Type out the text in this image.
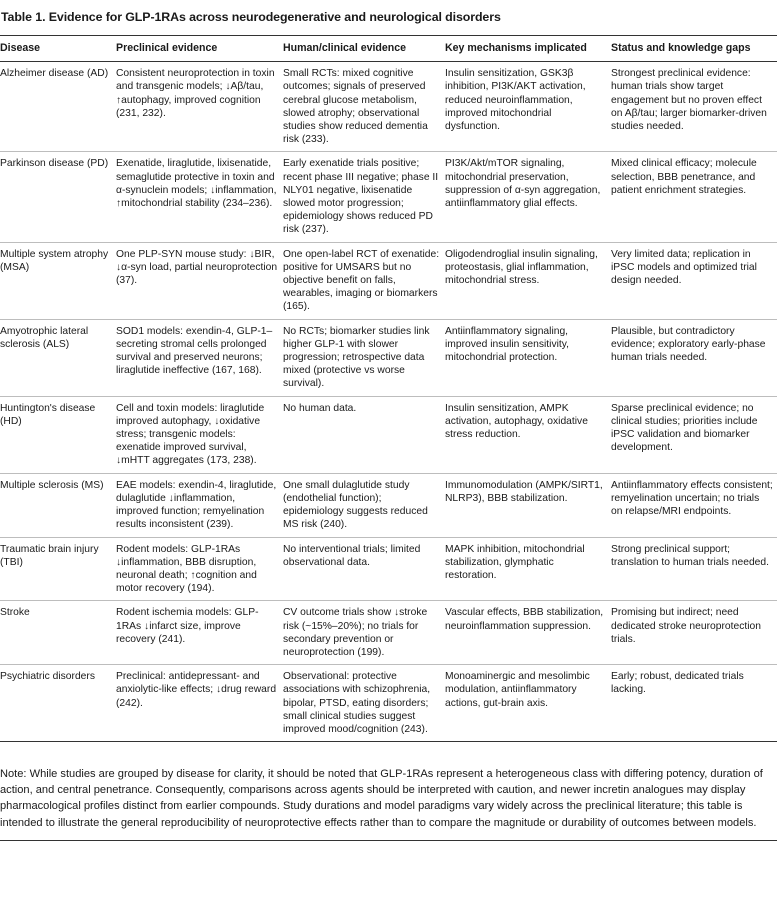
Table 1. Evidence for GLP-1RAs across neurodegenerative and neurological disorders
Disease	Preclinical evidence	Human/clinical evidence	Key mechanisms implicated	Status and knowledge gaps
Alzheimer disease (AD)	Consistent neuroprotection in toxin and transgenic models; ↓Aβ/tau, ↑autophagy, improved cognition (231, 232).	Small RCTs: mixed cognitive outcomes; signals of preserved cerebral glucose metabolism, slowed atrophy; observational studies show reduced dementia risk (233).	Insulin sensitization, GSK3β inhibition, PI3K/AKT activation, reduced neuroinflammation, improved mitochondrial dysfunction.	Strongest preclinical evidence: human trials show target engagement but no proven effect on Aβ/tau; larger biomarker-driven studies needed.
Parkinson disease (PD)	Exenatide, liraglutide, lixisenatide, semaglutide protective in toxin and α-synuclein models; ↓inflammation, ↑mitochondrial stability (234–236).	Early exenatide trials positive; recent phase III negative; phase II NLY01 negative, lixisenatide slowed motor progression; epidemiology shows reduced PD risk (237).	PI3K/Akt/mTOR signaling, mitochondrial preservation, suppression of α-syn aggregation, antiinflammatory glial effects.	Mixed clinical efficacy; molecule selection, BBB penetrance, and patient enrichment strategies.
Multiple system atrophy (MSA)	One PLP-SYN mouse study: ↓BIR, ↓α-syn load, partial neuroprotection (37).	One open-label RCT of exenatide: positive for UMSARS but no objective benefit on falls, wearables, imaging or biomarkers (165).	Oligodendroglial insulin signaling, proteostasis, glial inflammation, mitochondrial stress.	Very limited data; replication in iPSC models and optimized trial design needed.
Amyotrophic lateral sclerosis (ALS)	SOD1 models: exendin-4, GLP-1–secreting stromal cells prolonged survival and preserved neurons; liraglutide ineffective (167, 168).	No RCTs; biomarker studies link higher GLP-1 with slower progression; retrospective data mixed (protective vs worse survival).	Antiinflammatory signaling, improved insulin sensitivity, mitochondrial protection.	Plausible, but contradictory evidence; exploratory early-phase human trials needed.
Huntington's disease (HD)	Cell and toxin models: liraglutide improved autophagy, ↓oxidative stress; transgenic models: exenatide improved survival, ↓mHTT aggregates (173, 238).	No human data.	Insulin sensitization, AMPK activation, autophagy, oxidative stress reduction.	Sparse preclinical evidence; no clinical studies; priorities include iPSC validation and biomarker development.
Multiple sclerosis (MS)	EAE models: exendin-4, liraglutide, dulaglutide ↓inflammation, improved function; remyelination results inconsistent (239).	One small dulaglutide study (endothelial function); epidemiology suggests reduced MS risk (240).	Immunomodulation (AMPK/SIRT1, NLRP3), BBB stabilization.	Antiinflammatory effects consistent; remyelination uncertain; no trials on relapse/MRI endpoints.
Traumatic brain injury (TBI)	Rodent models: GLP-1RAs ↓inflammation, BBB disruption, neuronal death; ↑cognition and motor recovery (194).	No interventional trials; limited observational data.	MAPK inhibition, mitochondrial stabilization, glymphatic restoration.	Strong preclinical support; translation to human trials needed.
Stroke	Rodent ischemia models: GLP-1RAs ↓infarct size, improve recovery (241).	CV outcome trials show ↓stroke risk (~15%–20%); no trials for secondary prevention or neuroprotection (199).	Vascular effects, BBB stabilization, neuroinflammation suppression.	Promising but indirect; need dedicated stroke neuroprotection trials.
Psychiatric disorders	Preclinical: antidepressant- and anxiolytic-like effects; ↓drug reward (242).	Observational: protective associations with schizophrenia, bipolar, PTSD, eating disorders; small clinical studies suggest improved mood/cognition (243).	Monoaminergic and mesolimbic modulation, antiinflammatory actions, gut-brain axis.	Early; robust, dedicated trials lacking.
Note: While studies are grouped by disease for clarity, it should be noted that GLP-1RAs represent a heterogeneous class with differing potency, duration of action, and central penetrance. Consequently, comparisons across agents should be interpreted with caution, and newer incretin analogues may display pharmacological profiles distinct from earlier compounds. Study durations and model paradigms vary widely across the preclinical literature; this table is intended to illustrate the general reproducibility of neuroprotective effects rather than to compare the magnitude or durability of outcomes between models.
